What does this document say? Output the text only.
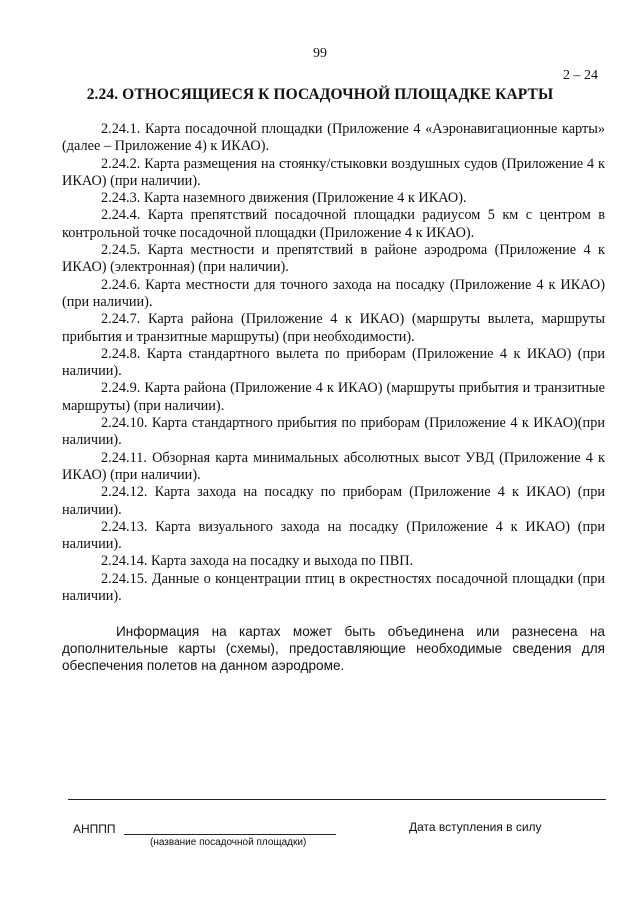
99
2 – 24
2.24. ОТНОСЯЩИЕСЯ К ПОСАДОЧНОЙ ПЛОЩАДКЕ КАРТЫ

2.24.1. Карта посадочной площадки (Приложение 4 «Аэронавигационные карты» (далее – Приложение 4) к ИКАО).

2.24.2. Карта размещения на стоянку/стыковки воздушных судов (Приложение 4 к ИКАО) (при наличии).

2.24.3. Карта наземного движения (Приложение 4 к ИКАО).

2.24.4. Карта препятствий посадочной площадки радиусом 5 км с центром в контрольной точке посадочной площадки (Приложение 4 к ИКАО).

2.24.5. Карта местности и препятствий в районе аэродрома (Приложение 4 к ИКАО) (электронная) (при наличии).

2.24.6. Карта местности для точного захода на посадку (Приложение 4 к ИКАО) (при наличии).

2.24.7. Карта района (Приложение 4 к ИКАО) (маршруты вылета, маршруты прибытия и транзитные маршруты) (при необходимости).

2.24.8. Карта стандартного вылета по приборам (Приложение 4 к ИКАО) (при наличии).

2.24.9. Карта района (Приложение 4 к ИКАО) (маршруты прибытия и транзитные маршруты) (при наличии).

2.24.10. Карта стандартного прибытия по приборам (Приложение 4 к ИКАО)(при наличии).

2.24.11. Обзорная карта минимальных абсолютных высот УВД (Приложение 4 к ИКАО) (при наличии).

2.24.12. Карта захода на посадку по приборам (Приложение 4 к ИКАО) (при наличии).

2.24.13. Карта визуального захода на посадку (Приложение 4 к ИКАО) (при наличии).

2.24.14. Карта захода на посадку и выхода по ПВП.

2.24.15. Данные о концентрации птиц в окрестностях посадочной площадки (при наличии).

Информация на картах может быть объединена или разнесена на дополнительные карты (схемы), предоставляющие необходимые сведения для обеспечения полетов на данном аэродроме.

АНППП
(название посадочной площадки)
Дата вступления в силу
